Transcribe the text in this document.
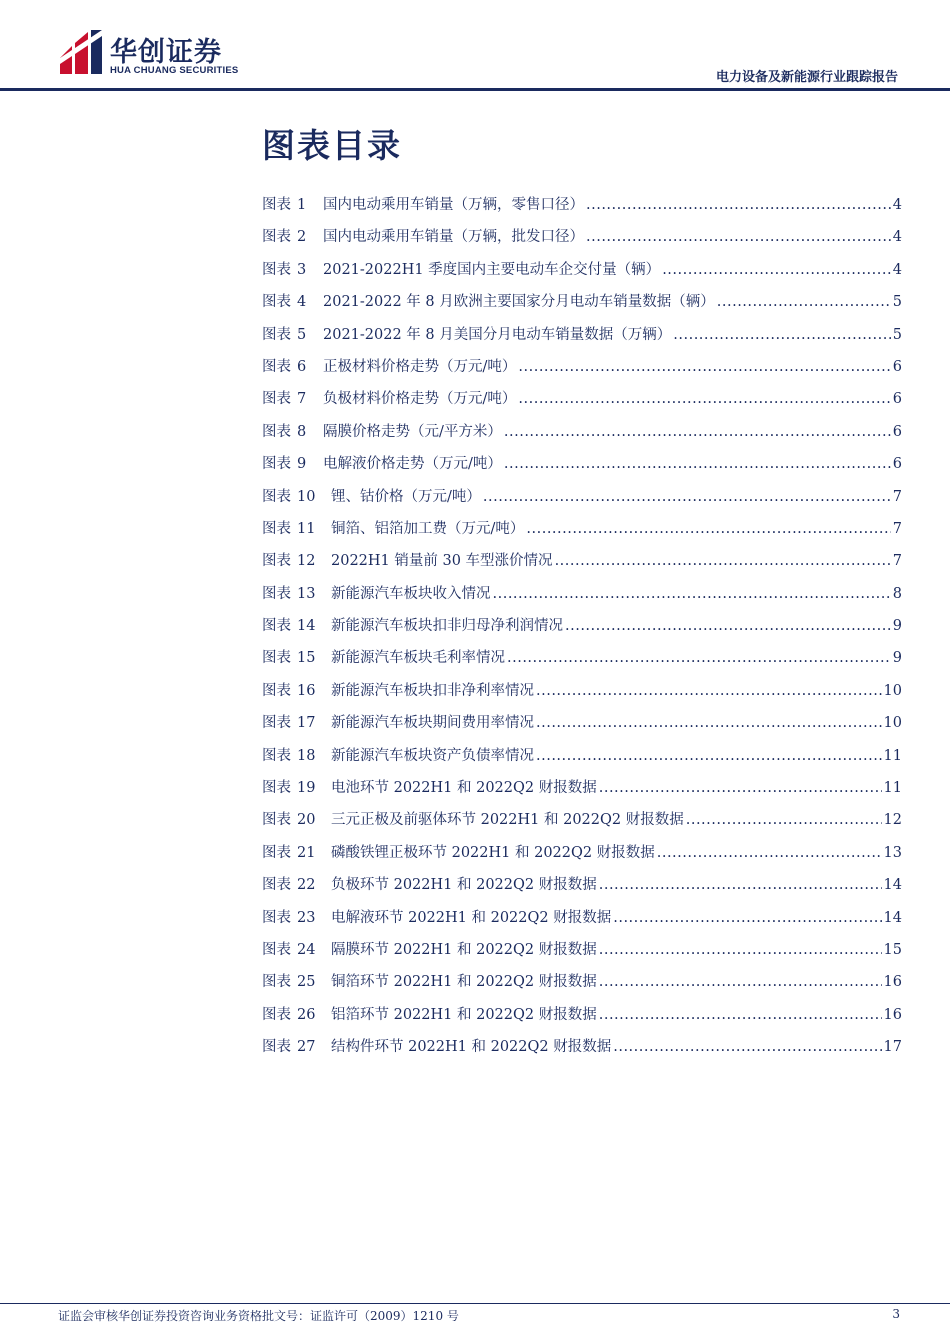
华创证券
HUA CHUANG SECURITIES	电力设备及新能源行业跟踪报告
图表目录
图表 1	国内电动乘用车销量（万辆，零售口径） .....	4
图表 2	国内电动乘用车销量（万辆，批发口径） .....	4
图表 3	2021-2022H1 季度国内主要电动车企交付量（辆） .....	4
图表 4	2021-2022 年 8 月欧洲主要国家分月电动车销量数据（辆） .....	5
图表 5	2021-2022 年 8 月美国分月电动车销量数据（万辆） .....	5
图表 6	正极材料价格走势（万元/吨） .....	6
图表 7	负极材料价格走势（万元/吨） .....	6
图表 8	隔膜价格走势（元/平方米） .....	6
图表 9	电解液价格走势（万元/吨） .....	6
图表 10	锂、钴价格（万元/吨） .....	7
图表 11	铜箔、铝箔加工费（万元/吨） .....	7
图表 12	2022H1 销量前 30 车型涨价情况 .....	7
图表 13	新能源汽车板块收入情况 .....	8
图表 14	新能源汽车板块扣非归母净利润情况 .....	9
图表 15	新能源汽车板块毛利率情况 .....	9
图表 16	新能源汽车板块扣非净利率情况 .....	10
图表 17	新能源汽车板块期间费用率情况 .....	10
图表 18	新能源汽车板块资产负债率情况 .....	11
图表 19	电池环节 2022H1 和 2022Q2 财报数据 .....	11
图表 20	三元正极及前驱体环节 2022H1 和 2022Q2 财报数据 .....	12
图表 21	磷酸铁锂正极环节 2022H1 和 2022Q2 财报数据 .....	13
图表 22	负极环节 2022H1 和 2022Q2 财报数据 .....	14
图表 23	电解液环节 2022H1 和 2022Q2 财报数据 .....	14
图表 24	隔膜环节 2022H1 和 2022Q2 财报数据 .....	15
图表 25	铜箔环节 2022H1 和 2022Q2 财报数据 .....	16
图表 26	铝箔环节 2022H1 和 2022Q2 财报数据 .....	16
图表 27	结构件环节 2022H1 和 2022Q2 财报数据 .....	17
证监会审核华创证券投资咨询业务资格批文号：证监许可（2009）1210 号	3
